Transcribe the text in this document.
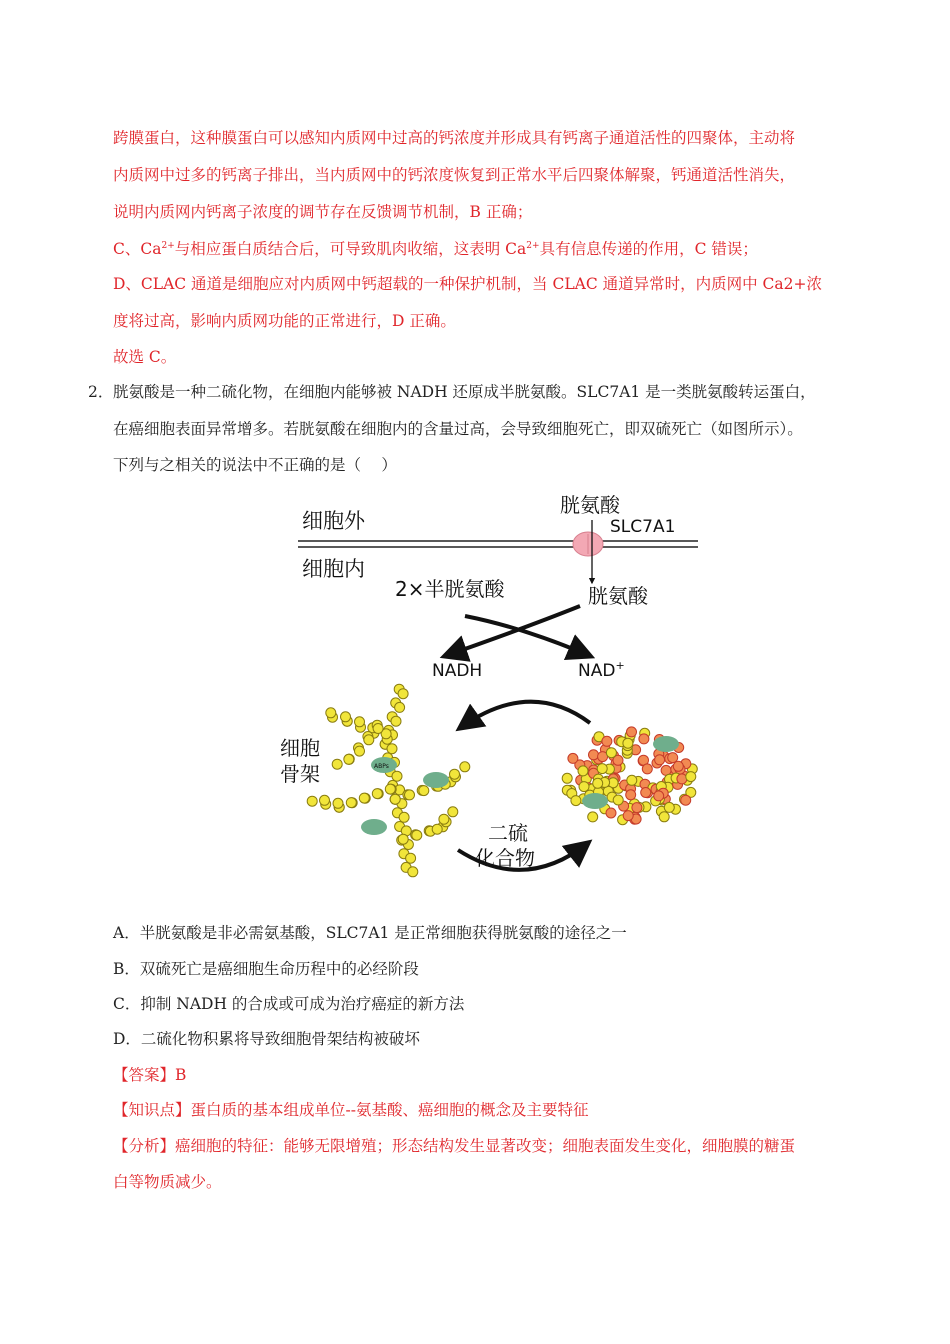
跨膜蛋白，这种膜蛋白可以感知内质网中过高的钙浓度并形成具有钙离子通道活性的四聚体，主动将
内质网中过多的钙离子排出，当内质网中的钙浓度恢复到正常水平后四聚体解聚，钙通道活性消失，
说明内质网内钙离子浓度的调节存在反馈调节机制，B 正确；
C、$Ca^{2+}$与相应蛋白质结合后，可导致肌肉收缩，这表明 $Ca^{2+}$具有信息传递的作用，C 错误；
D、CLAC 通道是细胞应对内质网中钙超载的一种保护机制，当 CLAC 通道异常时，内质网中 Ca2+浓
度将过高，影响内质网功能的正常进行，D 正确。
故选 C。
2． 胱氨酸是一种二硫化物，在细胞内能够被 NADH 还原成半胱氨酸。SLC7A1 是一类胱氨酸转运蛋白，
在癌细胞表面异常增多。若胱氨酸在细胞内的含量过高，会导致细胞死亡，即双硫死亡（如图所示）。
下列与之相关的说法中不正确的是（　 ）
细胞外
细胞内
胱氨酸
SLC7A1
2×半胱氨酸	胱氨酸
NADH	NAD+
细胞
骨架
二硫
化合物
ABPs
A．半胱氨酸是非必需氨基酸，SLC7A1 是正常细胞获得胱氨酸的途径之一
B．双硫死亡是癌细胞生命历程中的必经阶段
C．抑制 NADH 的合成或可成为治疗癌症的新方法
D．二硫化物积累将导致细胞骨架结构被破坏
【答案】B
【知识点】蛋白质的基本组成单位--氨基酸、癌细胞的概念及主要特征
【分析】癌细胞的特征：能够无限增殖；形态结构发生显著改变；细胞表面发生变化，细胞膜的糖蛋
白等物质减少。
